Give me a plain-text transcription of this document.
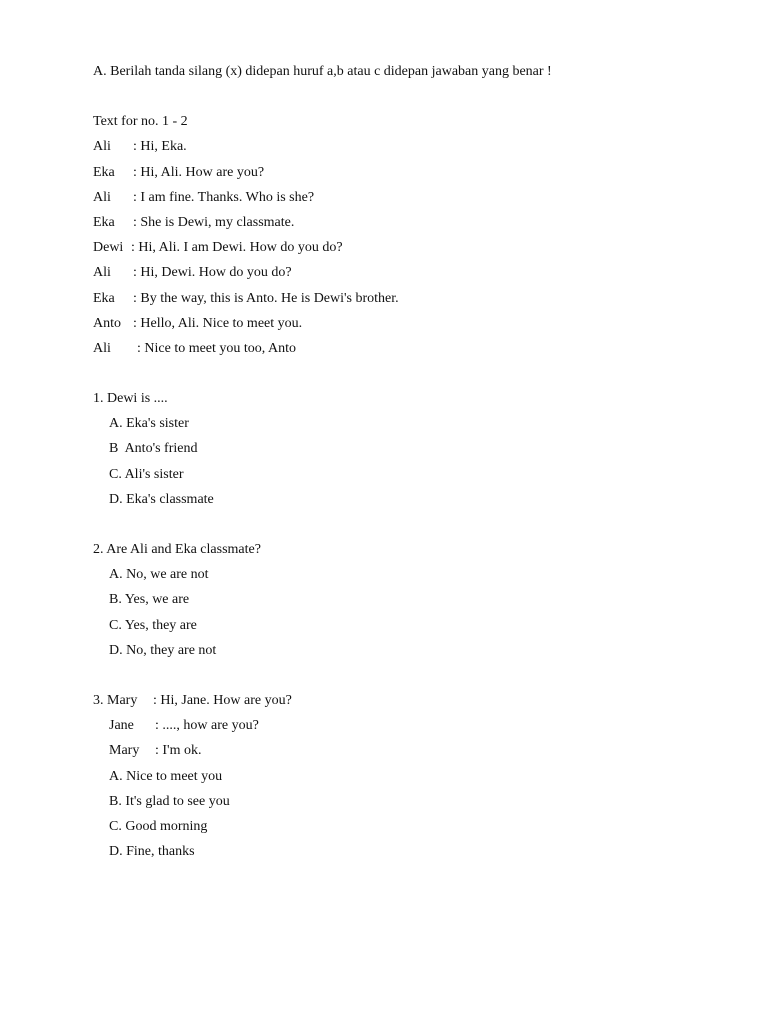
A. Berilah tanda silang (x) didepan huruf a,b atau c didepan jawaban yang benar !
Text for no. 1 - 2
Ali : Hi, Eka.
Eka : Hi, Ali. How are you?
Ali : I am fine. Thanks. Who is she?
Eka : She is Dewi, my classmate.
Dewi : Hi, Ali. I am Dewi. How do you do?
Ali : Hi, Dewi. How do you do?
Eka : By the way, this is Anto. He is Dewi's brother.
Anto : Hello, Ali. Nice to meet you.
Ali : Nice to meet you too, Anto
1. Dewi is ....
A. Eka's sister
B  Anto's friend
C. Ali's sister
D. Eka's classmate
2. Are Ali and Eka classmate?
A. No, we are not
B. Yes, we are
C. Yes, they are
D. No, they are not
3. Mary : Hi, Jane. How are you?
Jane : ...., how are you?
Mary : I'm ok.
A. Nice to meet you
B. It's glad to see you
C. Good morning
D. Fine, thanks
